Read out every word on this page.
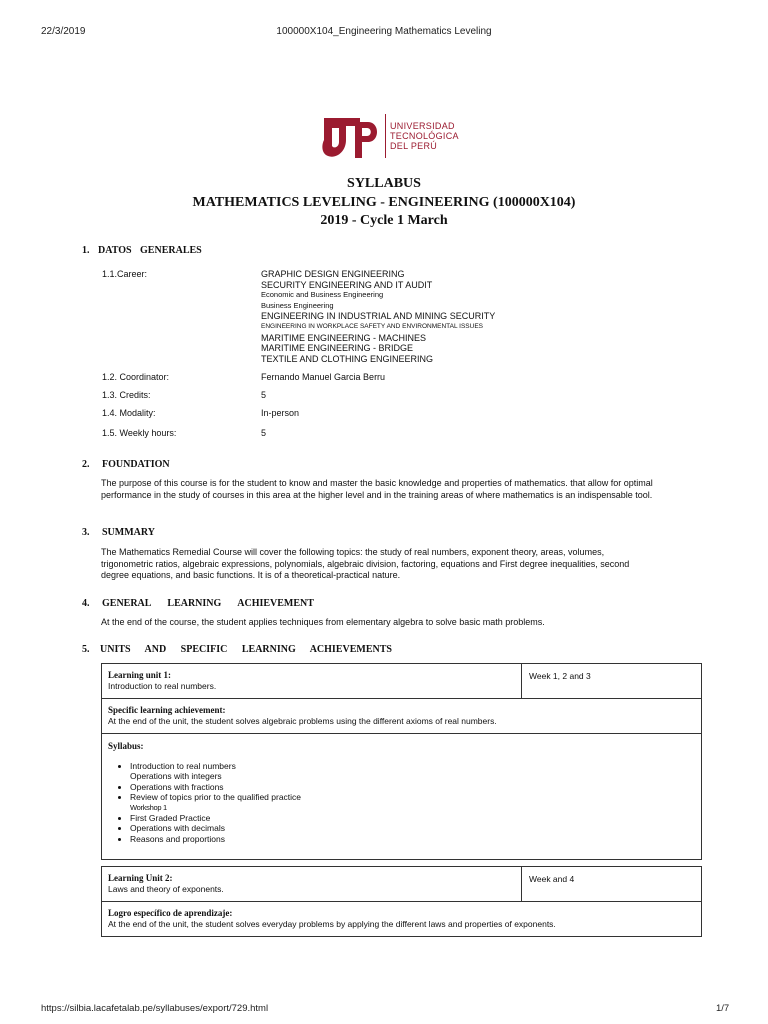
22/3/2019	100000X104_Engineering Mathematics Leveling
UNIVERSIDAD
TECNOLÓGICA
DEL PERÚ
SYLLABUS
MATHEMATICS LEVELING - ENGINEERING (100000X104)
2019 - Cycle 1 March
1. DATOS GENERALES
1.1.Career:	GRAPHIC DESIGN ENGINEERING
SECURITY ENGINEERING AND IT AUDIT
Economic and Business Engineering
Business Engineering
ENGINEERING IN INDUSTRIAL AND MINING SECURITY
ENGINEERING IN WORKPLACE SAFETY AND ENVIRONMENTAL ISSUES
MARITIME ENGINEERING - MACHINES
MARITIME ENGINEERING - BRIDGE
TEXTILE AND CLOTHING ENGINEERING
1.2. Coordinator:	Fernando Manuel Garcia Berru
1.3. Credits:	5
1.4. Modality:	In-person
1.5. Weekly hours:	5
2. FOUNDATION
The purpose of this course is for the student to know and master the basic knowledge and properties of mathematics. that allow for optimal performance in the study of courses in this area at the higher level and in the training areas of where mathematics is an indispensable tool.
3. SUMMARY
The Mathematics Remedial Course will cover the following topics: the study of real numbers, exponent theory, areas, volumes, trigonometric ratios, algebraic expressions, polynomials, algebraic division, factoring, equations and First degree inequalities, second degree equations, and basic functions. It is of a theoretical-practical nature.
4. GENERAL LEARNING ACHIEVEMENT
At the end of the course, the student applies techniques from elementary algebra to solve basic math problems.
5. UNITS AND SPECIFIC LEARNING ACHIEVEMENTS
Learning unit 1:
Introduction to real numbers.
Week 1, 2 and 3
Specific learning achievement:
At the end of the unit, the student solves algebraic problems using the different axioms of real numbers.
Syllabus:
• Introduction to real numbers
Operations with integers
• Operations with fractions
• Review of topics prior to the qualified practice
Workshop 1
• First Graded Practice
• Operations with decimals
• Reasons and proportions
Learning Unit 2:
Laws and theory of exponents.
Week and 4
Logro específico de aprendizaje:
At the end of the unit, the student solves everyday problems by applying the different laws and properties of exponents.
https://silbia.lacafetalab.pe/syllabuses/export/729.html	1/7
